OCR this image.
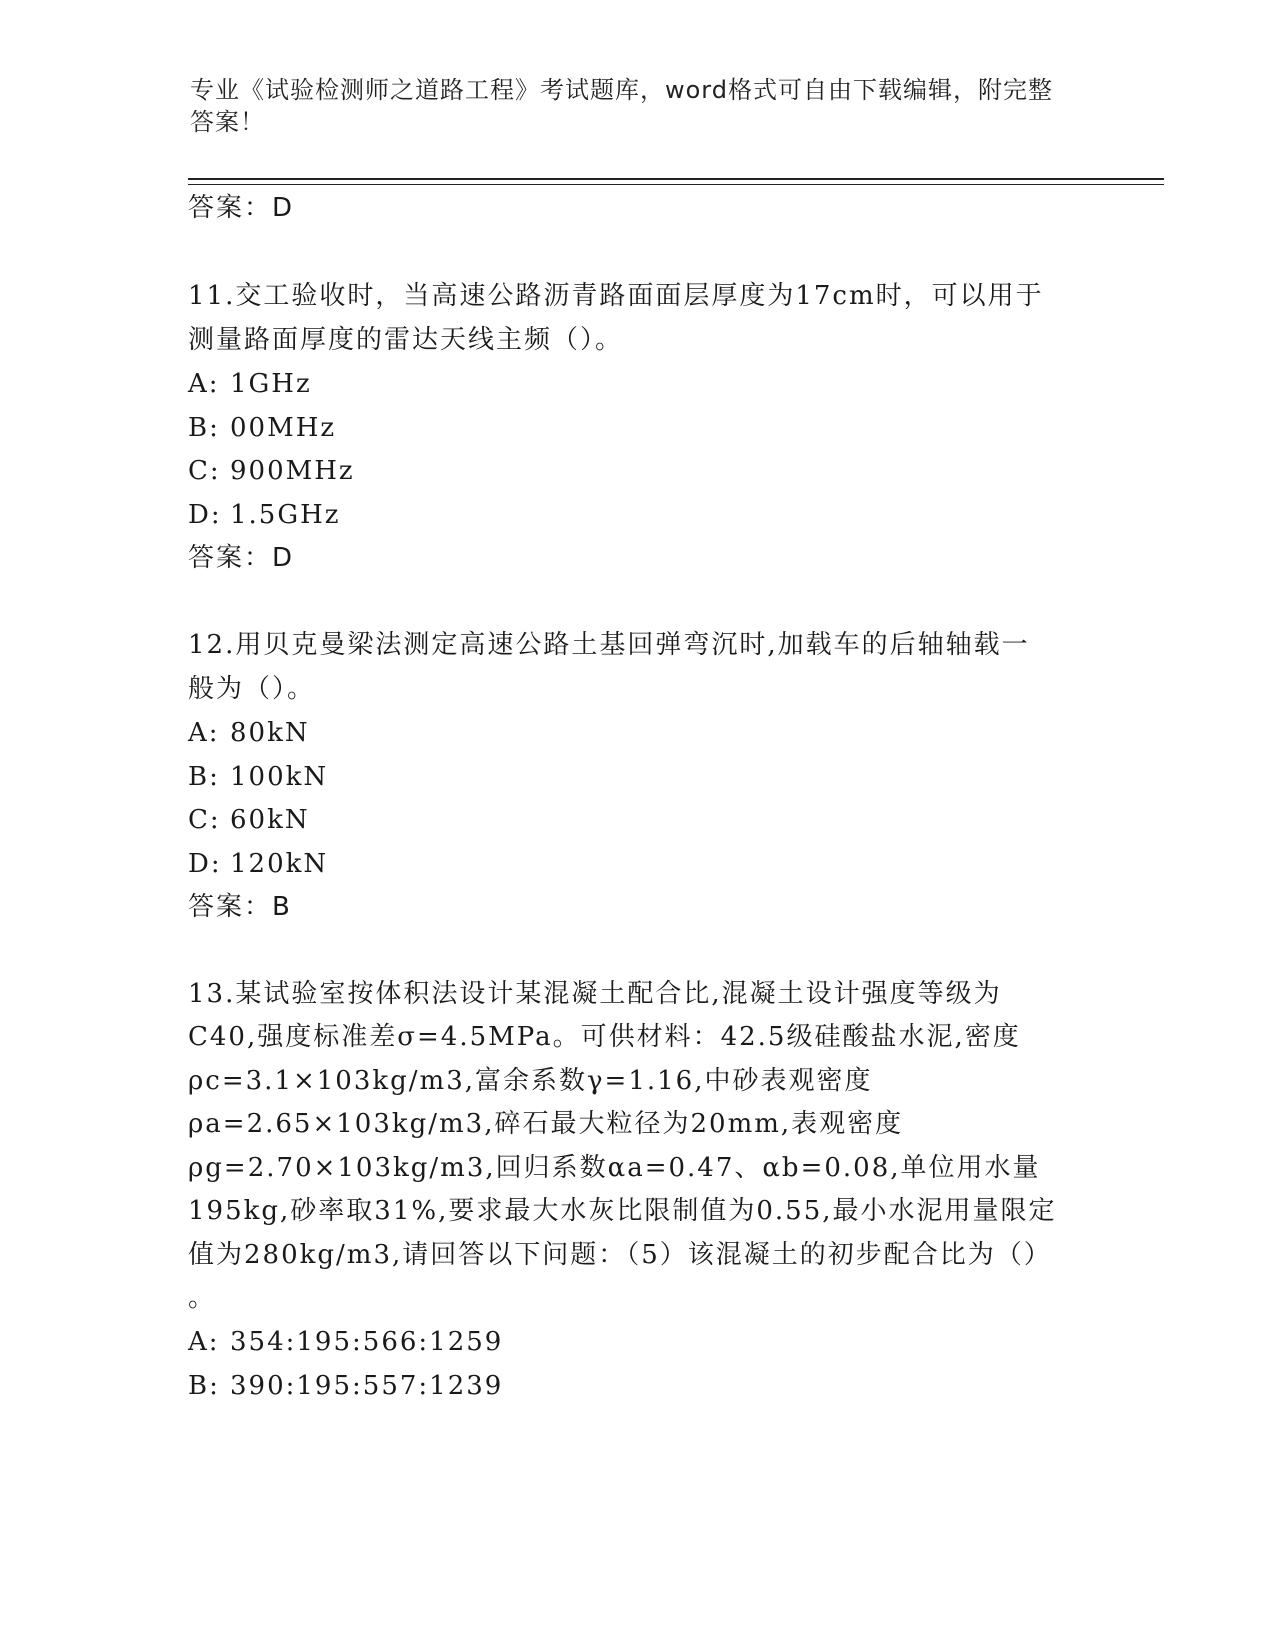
专业《试验检测师之道路工程》考试题库，word格式可自由下载编辑，附完整答案！
答案：D
11.交工验收时，当高速公路沥青路面面层厚度为17cm时，可以用于
测量路面厚度的雷达天线主频（）。
A: 1GHz
B: 00MHz
C: 900MHz
D: 1.5GHz
答案：D
12.用贝克曼梁法测定高速公路土基回弹弯沉时,加载车的后轴轴载一
般为（）。
A: 80kN
B: 100kN
C: 60kN
D: 120kN
答案：B
13.某试验室按体积法设计某混凝土配合比,混凝土设计强度等级为
C40,强度标准差σ=4.5MPa。可供材料：42.5级硅酸盐水泥,密度
ρc=3.1×103kg/m3,富余系数γ=1.16,中砂表观密度
ρa=2.65×103kg/m3,碎石最大粒径为20mm,表观密度
ρg=2.70×103kg/m3,回归系数αa=0.47、αb=0.08,单位用水量
195kg,砂率取31%,要求最大水灰比限制值为0.55,最小水泥用量限定
值为280kg/m3,请回答以下问题：（5）该混凝土的初步配合比为（）
。
A: 354:195:566:1259
B: 390:195:557:1239
